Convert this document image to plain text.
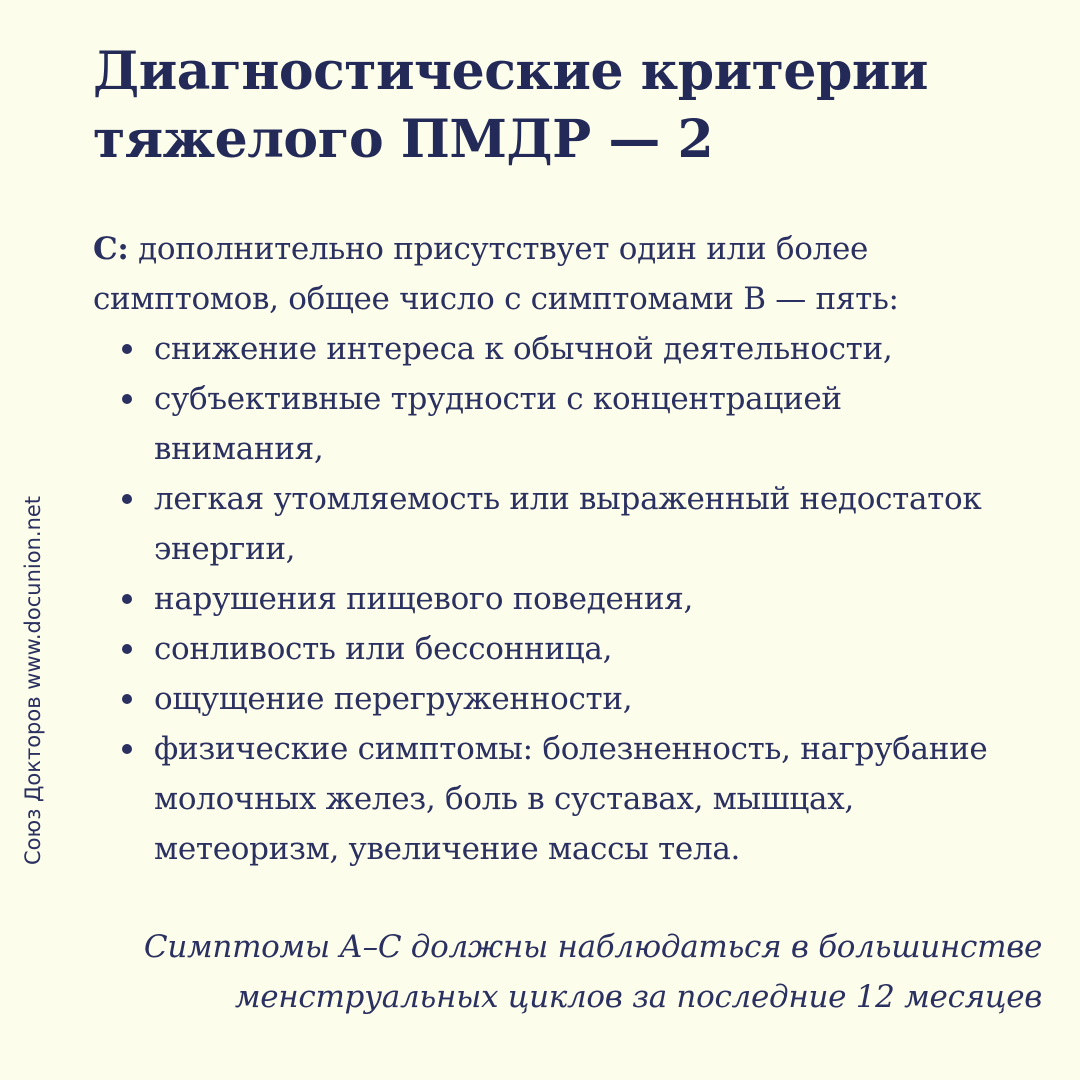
Диагностические критерии
тяжелого ПМДР — 2

С: дополнительно присутствует один или более
симптомов, общее число с симптомами В — пять:

снижение интереса к обычной деятельности,
субъективные трудности с концентрацией
внимания,
легкая утомляемость или выраженный недостаток
энергии,
нарушения пищевого поведения,
сонливость или бессонница,
ощущение перегруженности,
физические симптомы: болезненность, нагрубание
молочных желез, боль в суставах, мышцах,
метеоризм, увеличение массы тела.
Симптомы А–С должны наблюдаться в большинстве
менструальных циклов за последние 12 месяцев
Союз Докторов www.docunion.net
